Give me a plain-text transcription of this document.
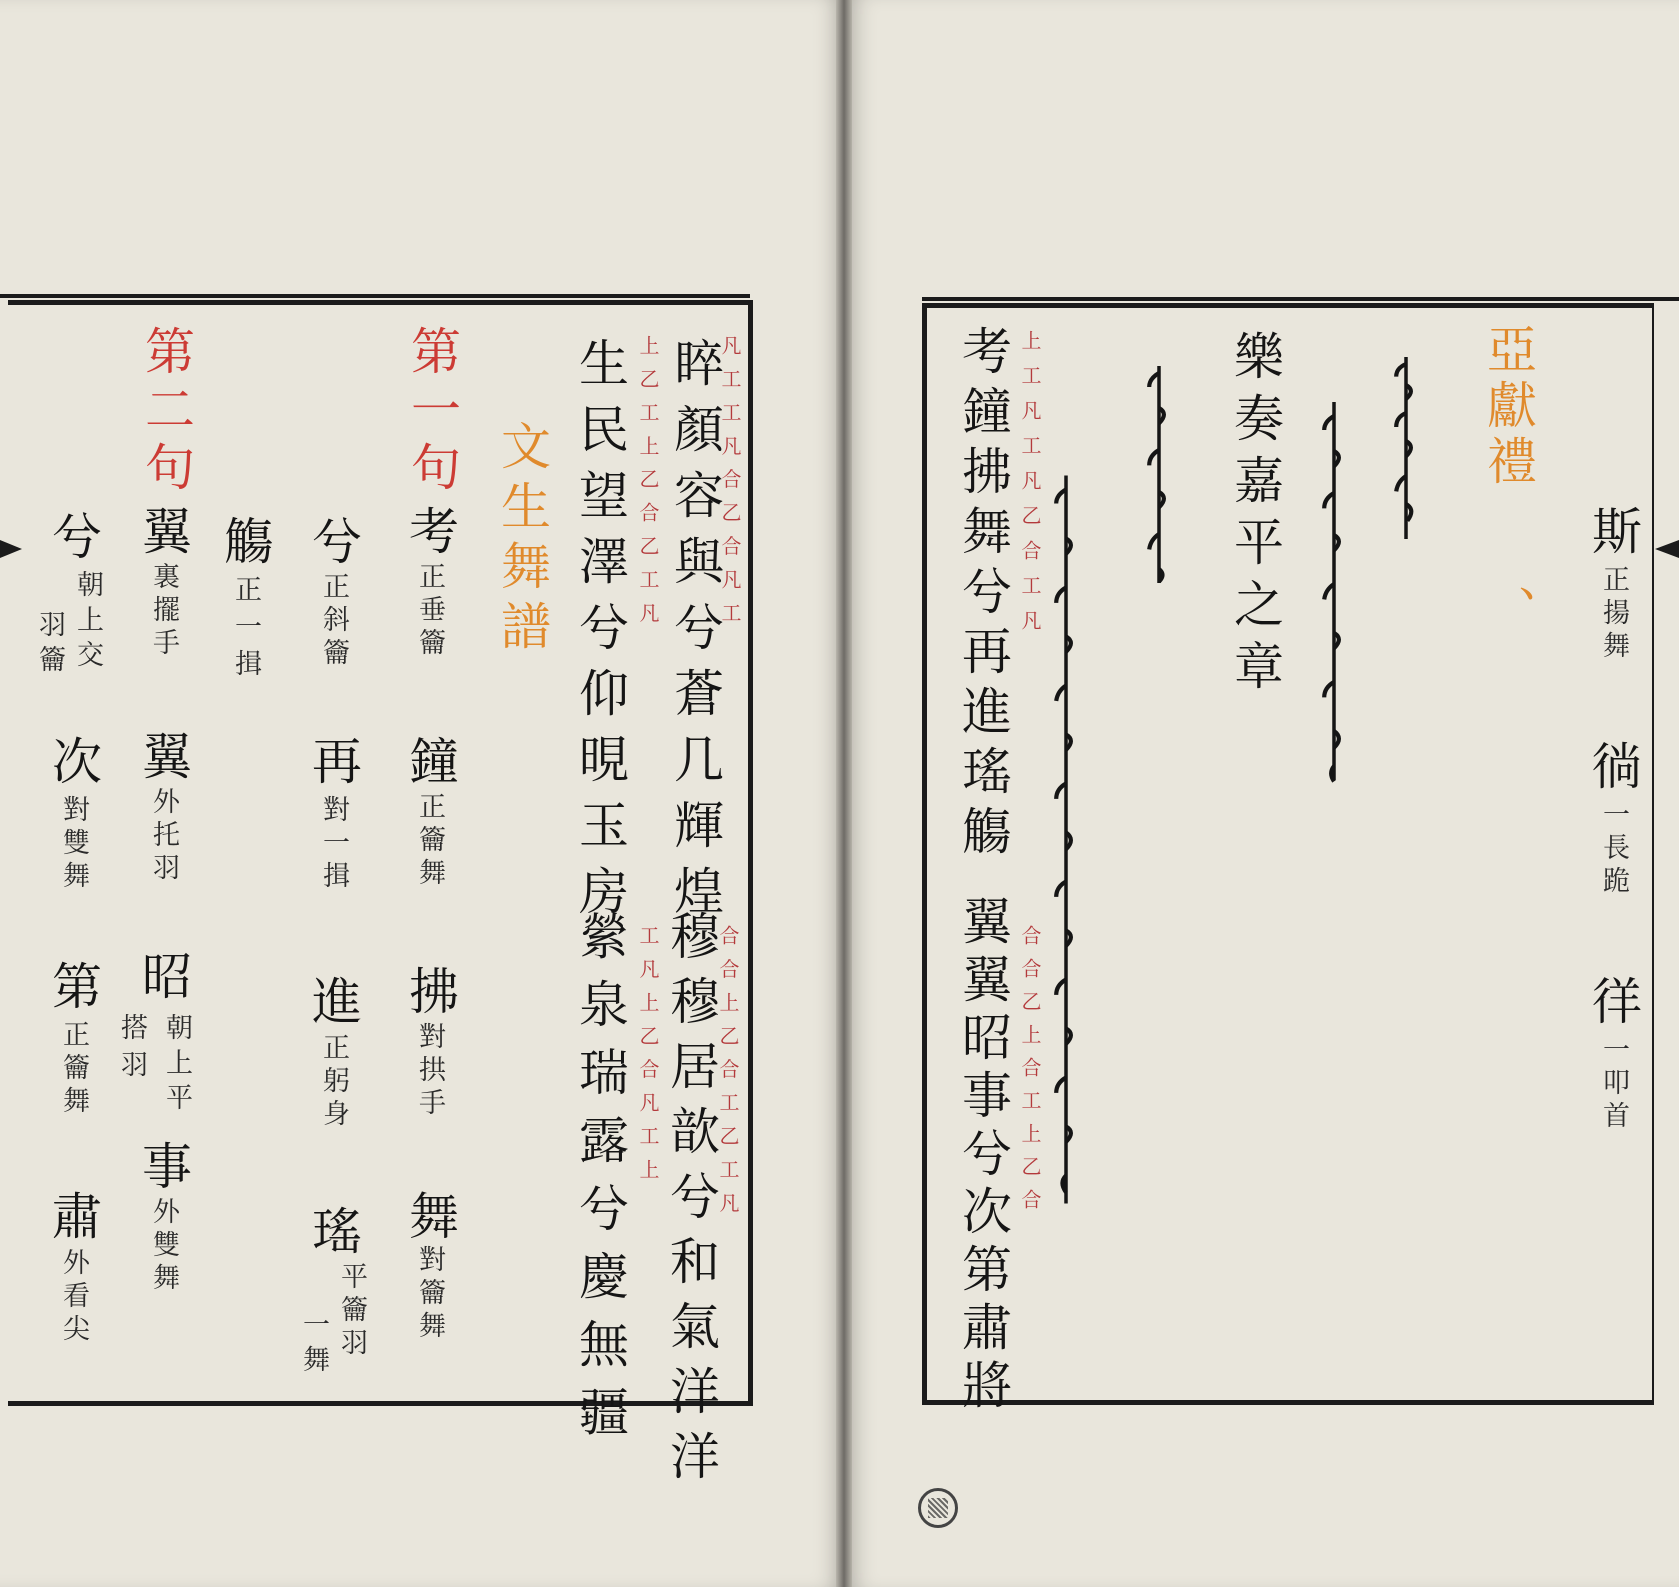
睟顏容與兮蒼几輝煌
凡工工凡合乙合凡工
穆穆居歆兮和氣洋洋
合合上乙合工乙工凡
生民望澤兮仰晛玉房 上乙工上乙合乙工凡
縈泉瑞露兮慶無疆 工凡上乙合凡工上
文生舞譜
第一句
考
正垂籥
鐘
正籥舞
拂
對拱手
舞
對籥舞
兮
正斜籥
再
對一揖
進
正躬身
瑤
平籥羽
一舞
觴
正一揖
第二句
翼
裏擺手
翼
外托羽
昭
搭羽 朝上平
事
外雙舞
兮
朝上交
羽籥
次
對雙舞
第
正籥舞
肅
外看尖
斯
正揚舞
徜
一長跪
徉
一叩首
亞獻禮
、
樂奏嘉平之章
考鐘拂舞兮再進瑤觴 上工凡工凡乙合工凡
翼翼昭事兮次第肅將 合合乙上合工上乙合
